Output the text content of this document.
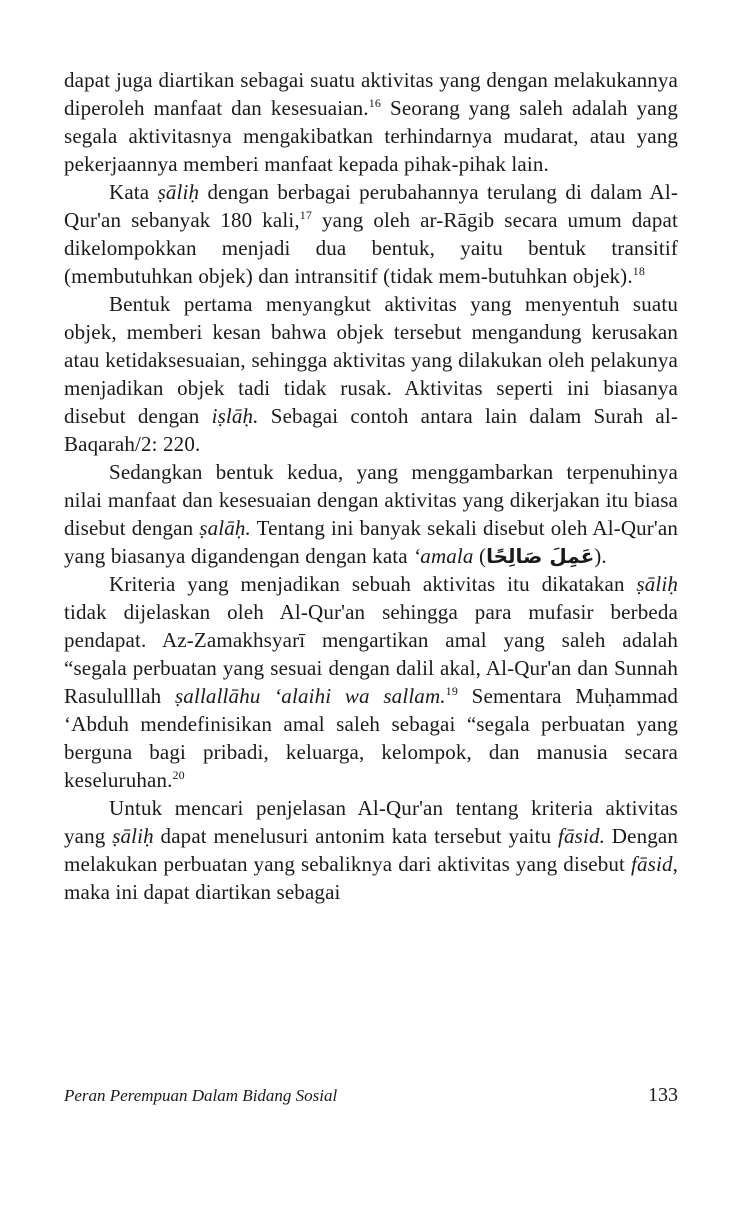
dapat juga diartikan sebagai suatu aktivitas yang dengan melakukannya diperoleh manfaat dan kesesuaian.$^{16}$ Seorang yang saleh adalah yang segala aktivitasnya mengakibatkan terhindarnya mudarat, atau yang pekerjaannya memberi manfaat kepada pihak-pihak lain.

Kata ṣāliḥ dengan berbagai perubahannya terulang di dalam Al-Qur'an sebanyak 180 kali,$^{17}$ yang oleh ar-Rāgib secara umum dapat dikelompokkan menjadi dua bentuk, yaitu bentuk transitif (membutuhkan objek) dan intransitif (tidak mem-butuhkan objek).$^{18}$

Bentuk pertama menyangkut aktivitas yang menyentuh suatu objek, memberi kesan bahwa objek tersebut mengandung kerusakan atau ketidaksesuaian, sehingga aktivitas yang dilakukan oleh pelakunya menjadikan objek tadi tidak rusak. Aktivitas seperti ini biasanya disebut dengan iṣlāḥ. Sebagai contoh antara lain dalam Surah al-Baqarah/2: 220.

Sedangkan bentuk kedua, yang menggambarkan terpenuhinya nilai manfaat dan kesesuaian dengan aktivitas yang dikerjakan itu biasa disebut dengan ṣalāḥ. Tentang ini banyak sekali disebut oleh Al-Qur'an yang biasanya digandengan dengan kata ‘amala (عَمِلَ صَالِحًا).

Kriteria yang menjadikan sebuah aktivitas itu dikatakan ṣāliḥ tidak dijelaskan oleh Al-Qur'an sehingga para mufasir berbeda pendapat. Az-Zamakhsyarī mengartikan amal yang saleh adalah “segala perbuatan yang sesuai dengan dalil akal, Al-Qur'an dan Sunnah Rasululllah ṣallallāhu ‘alaihi wa sallam.$^{19}$ Sementara Muḥammad ‘Abduh mendefinisikan amal saleh sebagai “segala perbuatan yang berguna bagi pribadi, keluarga, kelompok, dan manusia secara keseluruhan.$^{20}$

Untuk mencari penjelasan Al-Qur'an tentang kriteria aktivitas yang ṣāliḥ dapat menelusuri antonim kata tersebut yaitu fāsid. Dengan melakukan perbuatan yang sebaliknya dari aktivitas yang disebut fāsid, maka ini dapat diartikan sebagai

Peran Perempuan Dalam Bidang Sosial	133
